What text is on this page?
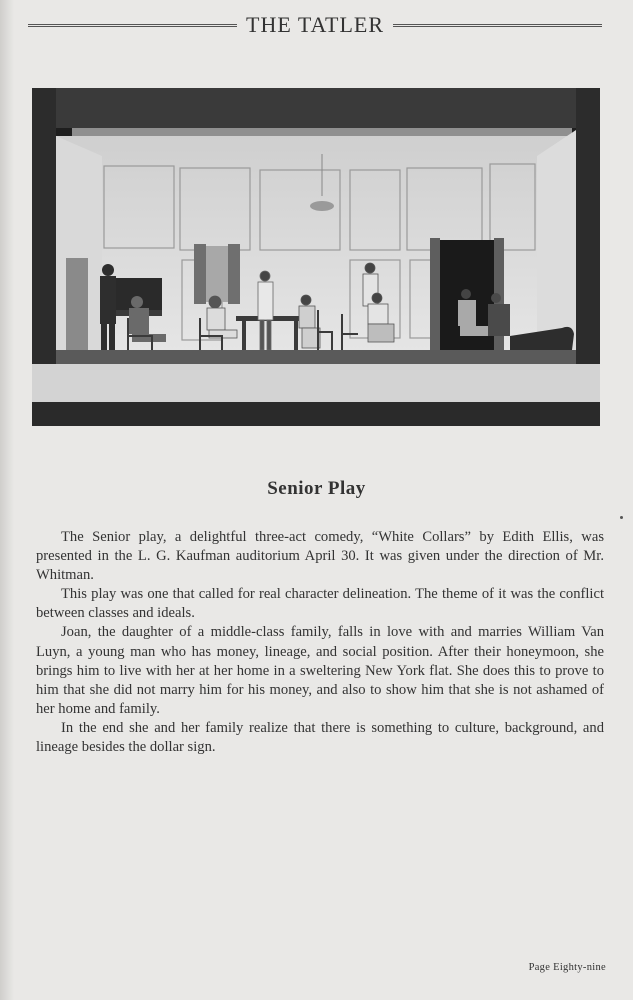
THE TATLER
Senior Play

The Senior play, a delightful three-act comedy, “White Collars” by Edith Ellis, was presented in the L. G. Kaufman auditorium April 30. It was given under the direction of Mr. Whitman.

This play was one that called for real character delineation. The theme of it was the conflict between classes and ideals.

Joan, the daughter of a middle-class family, falls in love with and marries William Van Luyn, a young man who has money, lineage, and social position. After their honeymoon, she brings him to live with her at her home in a sweltering New York flat. She does this to prove to him that she did not marry him for his money, and also to show him that she is not ashamed of her home and family.

In the end she and her family realize that there is something to culture, background, and lineage besides the dollar sign.

Page Eighty-nine
